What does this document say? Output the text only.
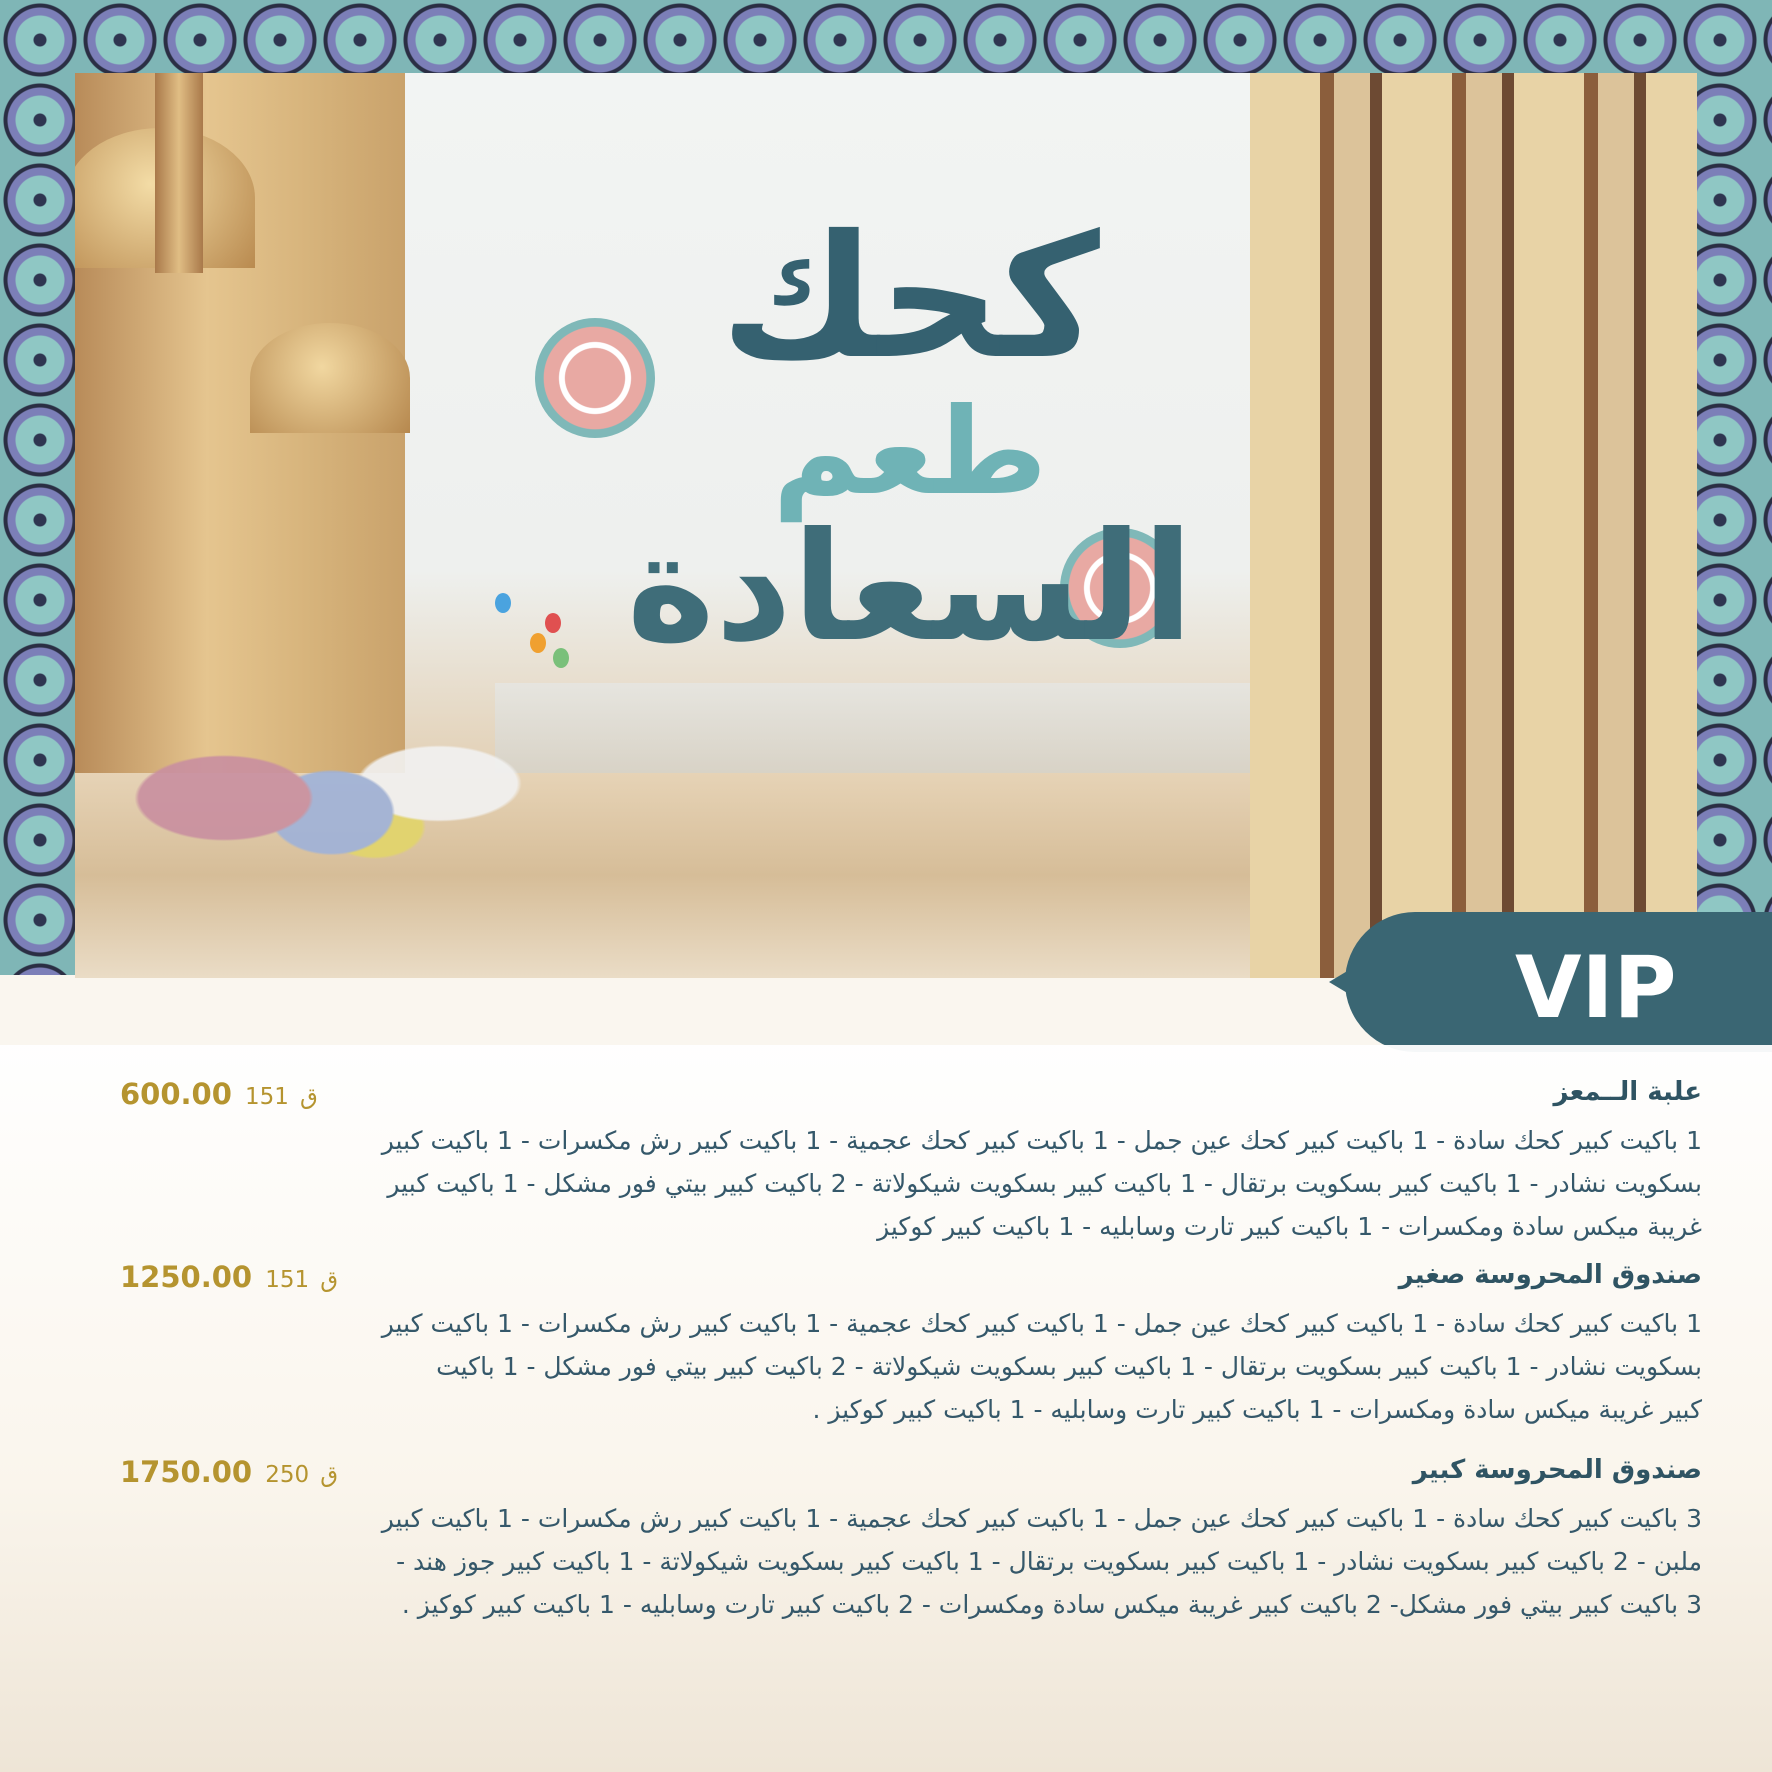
كحك
طعم
السعادة
VIP
600.00 151 ق	علبة الــمعز
1 باكيت كبير كحك سادة - 1 باكيت كبير كحك عين جمل - 1 باكيت كبير كحك عجمية - 1 باكيت كبير رش مكسرات - 1 باكيت كبير
بسكويت نشادر - 1 باكيت كبير بسكويت برتقال - 1 باكيت كبير بسكويت شيكولاتة - 2 باكيت كبير بيتي فور مشكل - 1 باكيت كبير
غريبة ميكس سادة ومكسرات - 1 باكيت كبير تارت وسابليه - 1 باكيت كبير كوكيز
1250.00 151 ق	صندوق المحروسة صغير
1 باكيت كبير كحك سادة - 1 باكيت كبير كحك عين جمل - 1 باكيت كبير كحك عجمية - 1 باكيت كبير رش مكسرات - 1 باكيت كبير
بسكويت نشادر - 1 باكيت كبير بسكويت برتقال - 1 باكيت كبير بسكويت شيكولاتة - 2 باكيت كبير بيتي فور مشكل - 1 باكيت
كبير غريبة ميكس سادة ومكسرات - 1 باكيت كبير تارت وسابليه - 1 باكيت كبير كوكيز .
1750.00 250 ق	صندوق المحروسة كبير
3 باكيت كبير كحك سادة - 1 باكيت كبير كحك عين جمل - 1 باكيت كبير كحك عجمية - 1 باكيت كبير رش مكسرات - 1 باكيت كبير
ملبن - 2 باكيت كبير بسكويت نشادر - 1 باكيت كبير بسكويت برتقال - 1 باكيت كبير بسكويت شيكولاتة - 1 باكيت كبير جوز هند -
3 باكيت كبير بيتي فور مشكل- 2 باكيت كبير غريبة ميكس سادة ومكسرات - 2 باكيت كبير تارت وسابليه - 1 باكيت كبير كوكيز .
